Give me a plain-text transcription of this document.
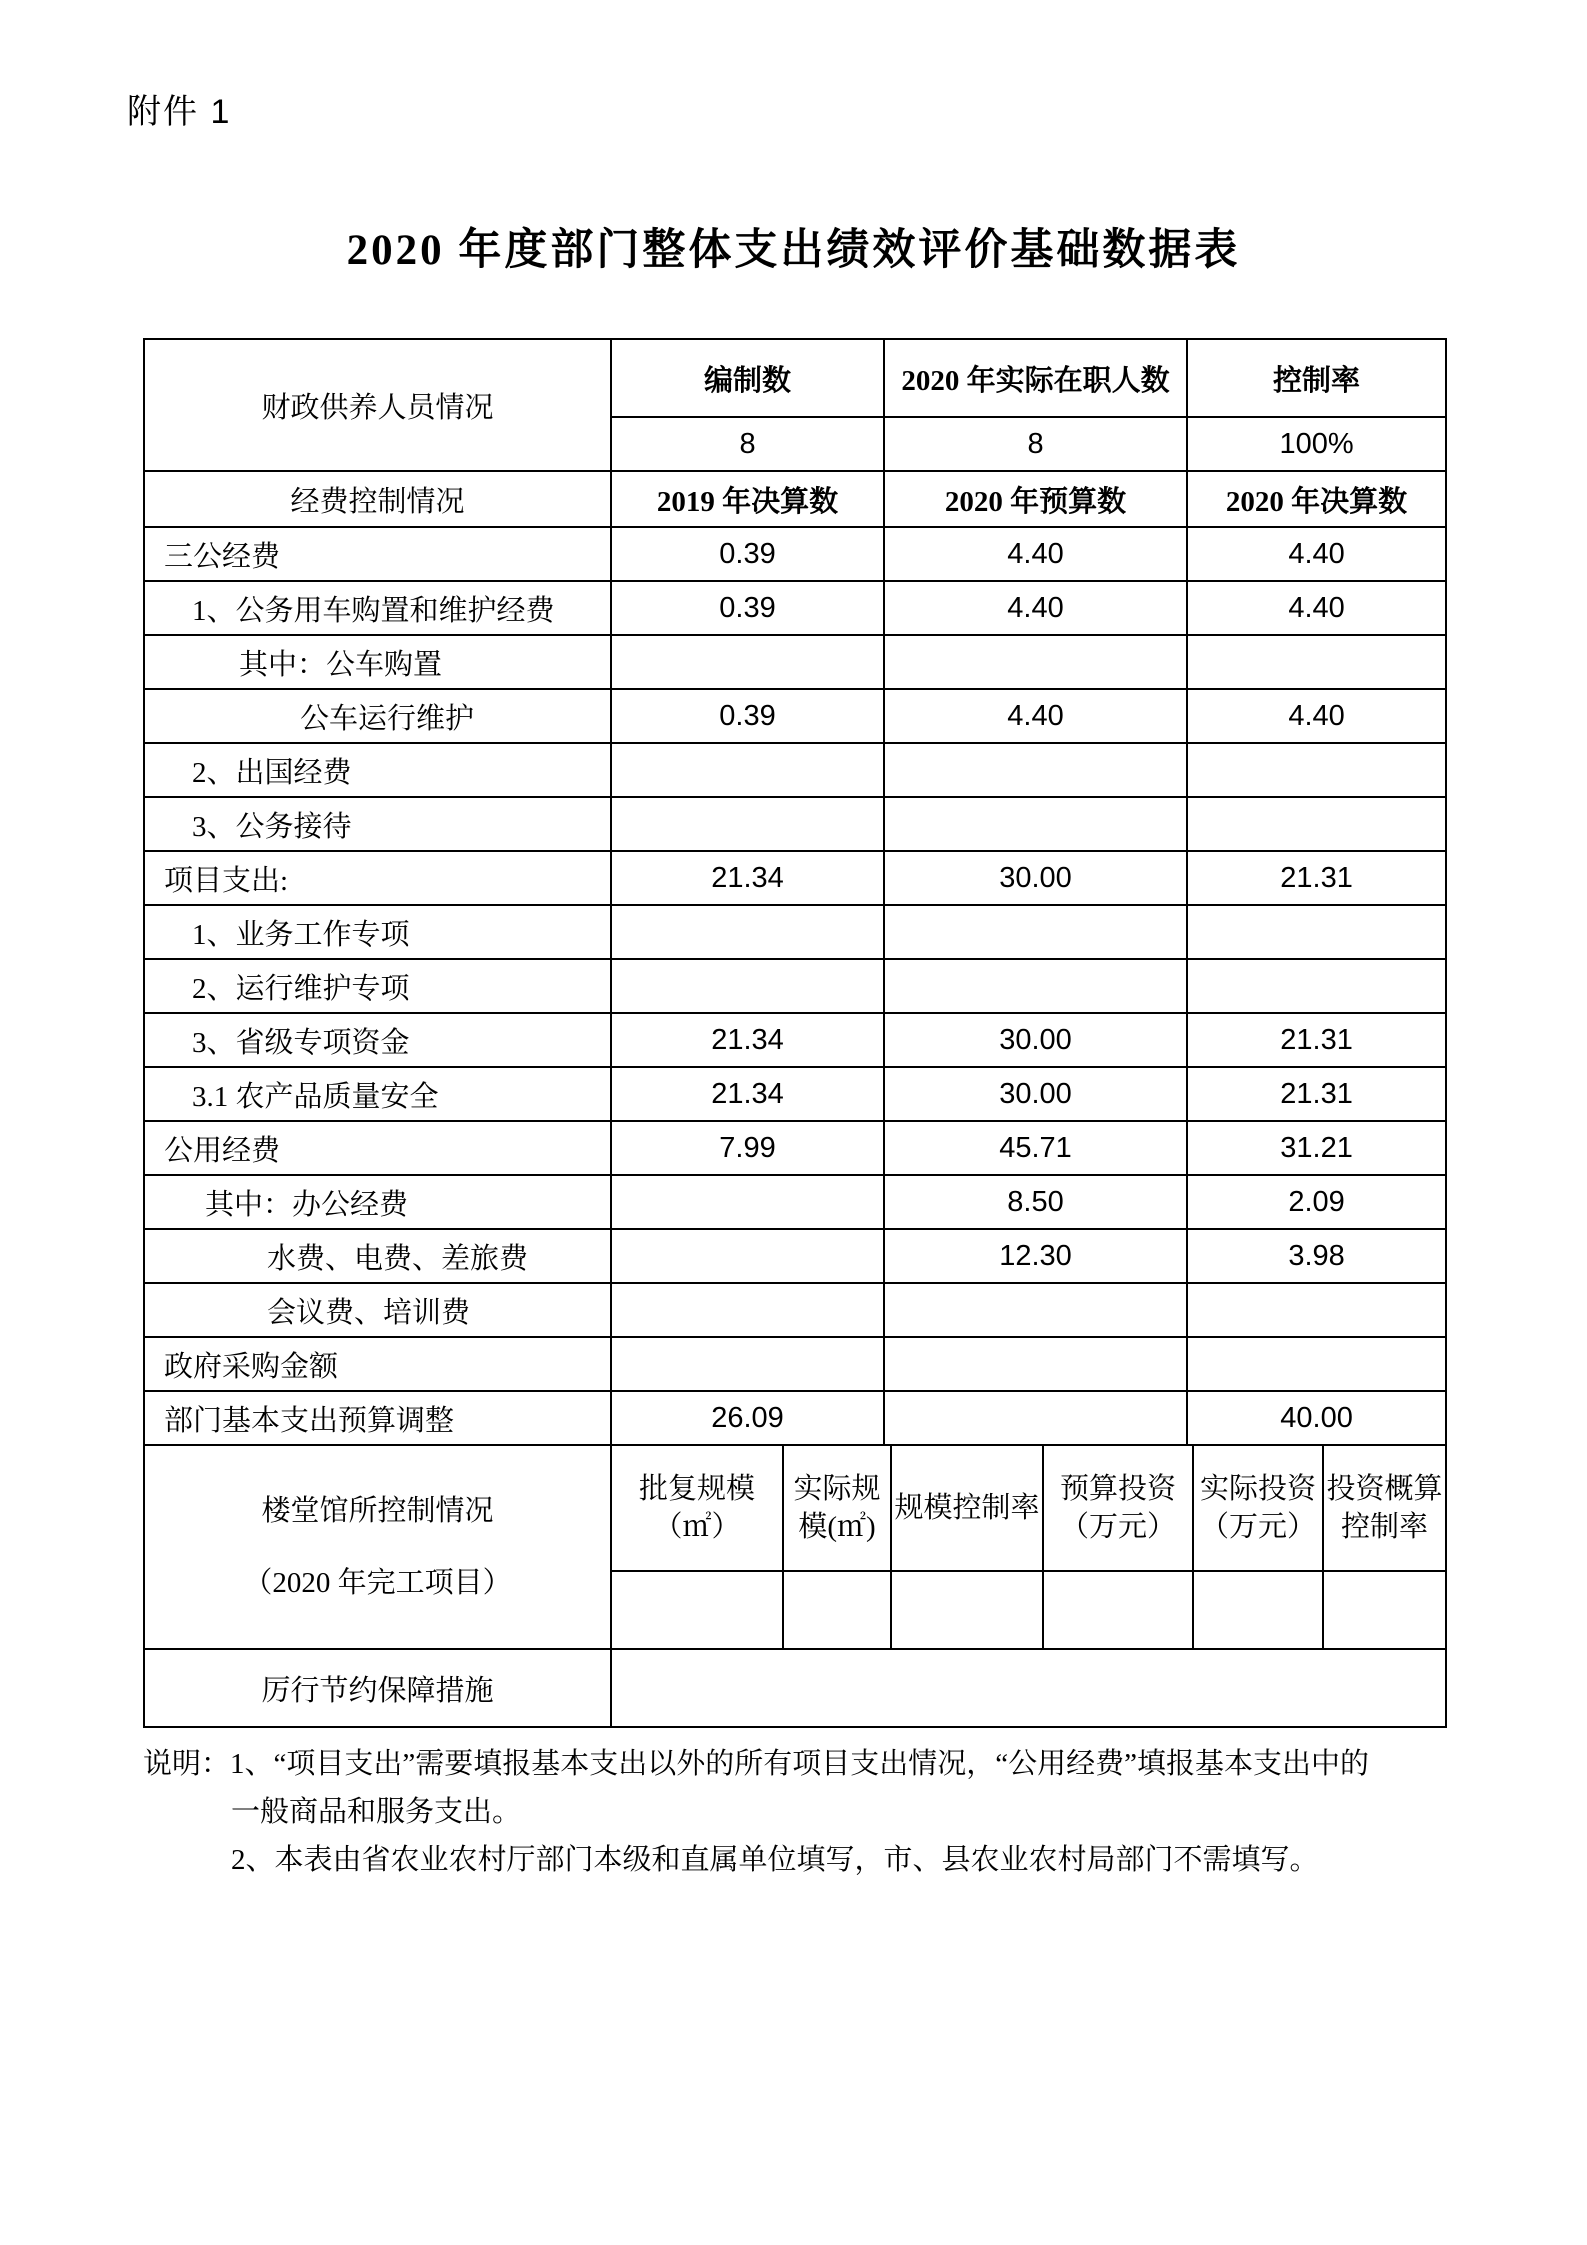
附件 1
2020 年度部门整体支出绩效评价基础数据表
财政供养人员情况	编制数		2020 年实际在职人数			控制率		
	8		8			100%		
经费控制情况	2019 年决算数		2020 年预算数			2020 年决算数		
三公经费	0.39		4.40			4.40		
1、公务用车购置和维护经费	0.39		4.40			4.40		
其中：公车购置								
公车运行维护	0.39		4.40			4.40		
2、出国经费								
3、公务接待								
项目支出:	21.34		30.00			21.31		
1、业务工作专项								
2、运行维护专项								
3、省级专项资金	21.34		30.00			21.31		
3.1 农产品质量安全	21.34		30.00			21.31		
公用经费	7.99		45.71			31.21		
其中：办公经费			8.50			2.09		
水费、电费、差旅费			12.30			3.98		
会议费、培训费								
政府采购金额								
部门基本支出预算调整	26.09					40.00		

楼堂馆所控制情况
（2020 年完工项目）	批复规模（㎡）	实际规模(㎡)		规模控制率	预算投资（万元）		实际投资（万元）	投资概算控制率

厉行节约保障措施								
说明：1、“项目支出”需要填报基本支出以外的所有项目支出情况，“公用经费”填报基本支出中的
一般商品和服务支出。
2、本表由省农业农村厅部门本级和直属单位填写，市、县农业农村局部门不需填写。
